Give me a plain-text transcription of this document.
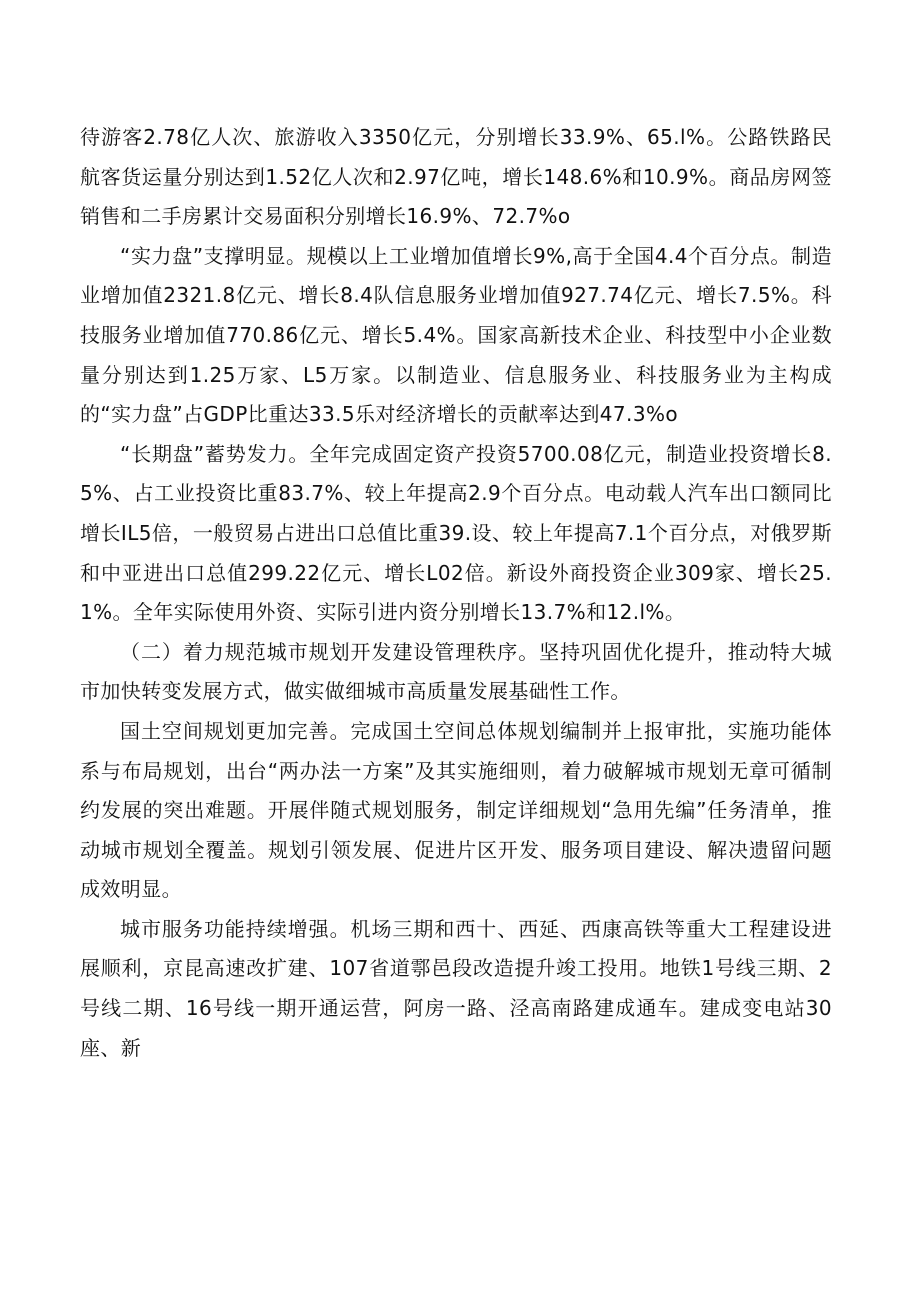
待游客2.78亿人次、旅游收入3350亿元，分别增长33.9%、65.l%。公路铁路民航客货运量分别达到1.52亿人次和2.97亿吨，增长148.6%和10.9%。商品房网签销售和二手房累计交易面积分别增长16.9%、72.7%o

“实力盘”支撑明显。规模以上工业增加值增长9%,高于全国4.4个百分点。制造业增加值2321.8亿元、增长8.4队信息服务业增加值927.74亿元、增长7.5%。科技服务业增加值770.86亿元、增长5.4%。国家高新技术企业、科技型中小企业数量分别达到1.25万家、L5万家。以制造业、信息服务业、科技服务业为主构成的“实力盘”占GDP比重达33.5乐对经济增长的贡献率达到47.3%o

“长期盘”蓄势发力。全年完成固定资产投资5700.08亿元，制造业投资增长8.5%、占工业投资比重83.7%、较上年提高2.9个百分点。电动载人汽车出口额同比增长IL5倍，一般贸易占进出口总值比重39.设、较上年提高7.1个百分点，对俄罗斯和中亚进出口总值299.22亿元、增长L02倍。新设外商投资企业309家、增长25.1%。全年实际使用外资、实际引进内资分别增长13.7%和12.l%。

（二）着力规范城市规划开发建设管理秩序。坚持巩固优化提升，推动特大城市加快转变发展方式，做实做细城市高质量发展基础性工作。

国土空间规划更加完善。完成国土空间总体规划编制并上报审批，实施功能体系与布局规划，出台“两办法一方案”及其实施细则，着力破解城市规划无章可循制约发展的突出难题。开展伴随式规划服务，制定详细规划“急用先编”任务清单，推动城市规划全覆盖。规划引领发展、促进片区开发、服务项目建设、解决遗留问题成效明显。

城市服务功能持续增强。机场三期和西十、西延、西康高铁等重大工程建设进展顺利，京昆高速改扩建、107省道鄠邑段改造提升竣工投用。地铁1号线三期、2号线二期、16号线一期开通运营，阿房一路、泾高南路建成通车。建成变电站30座、新
